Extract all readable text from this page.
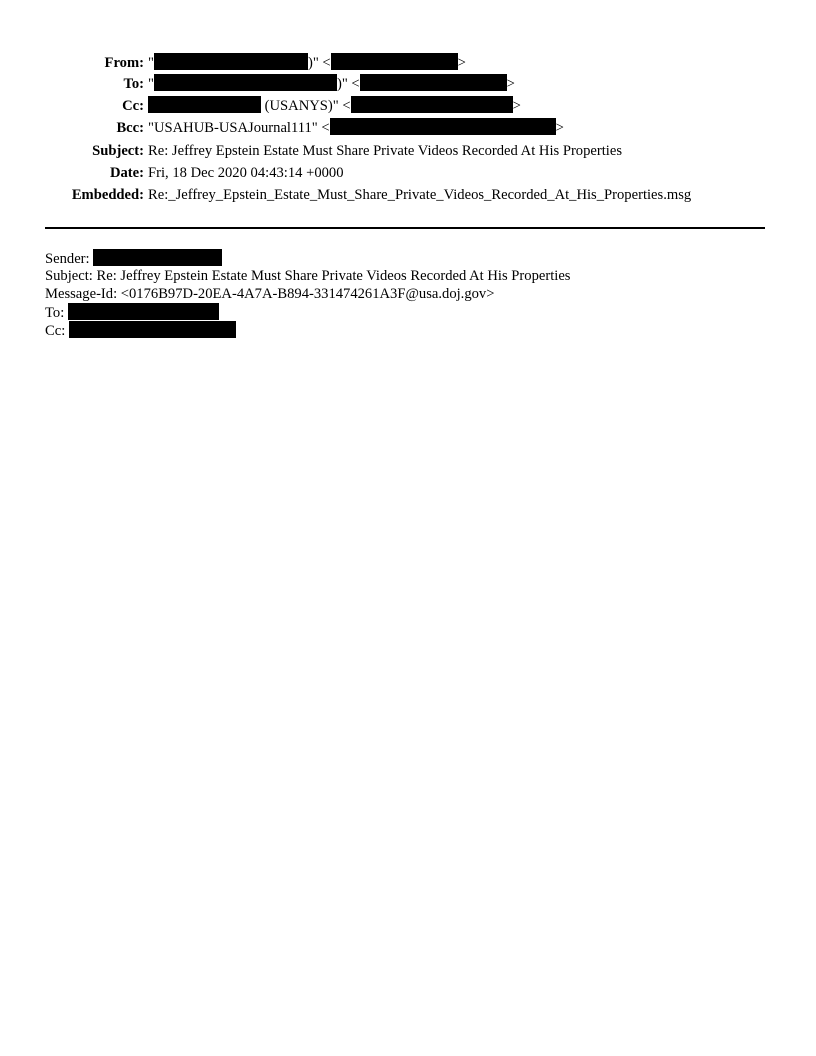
From: "	)" <	>
To: "	)" <	>
Cc:	(USANYS)" <	>
Bcc: "USAHUB-USAJournal111" <	>
Subject: Re: Jeffrey Epstein Estate Must Share Private Videos Recorded At His Properties
Date: Fri, 18 Dec 2020 04:43:14 +0000
Embedded: Re:_Jeffrey_Epstein_Estate_Must_Share_Private_Videos_Recorded_At_His_Properties.msg
Sender:
Subject: Re: Jeffrey Epstein Estate Must Share Private Videos Recorded At His Properties
Message-Id: <0176B97D-20EA-4A7A-B894-331474261A3F@usa.doj.gov>
To:
Cc:
